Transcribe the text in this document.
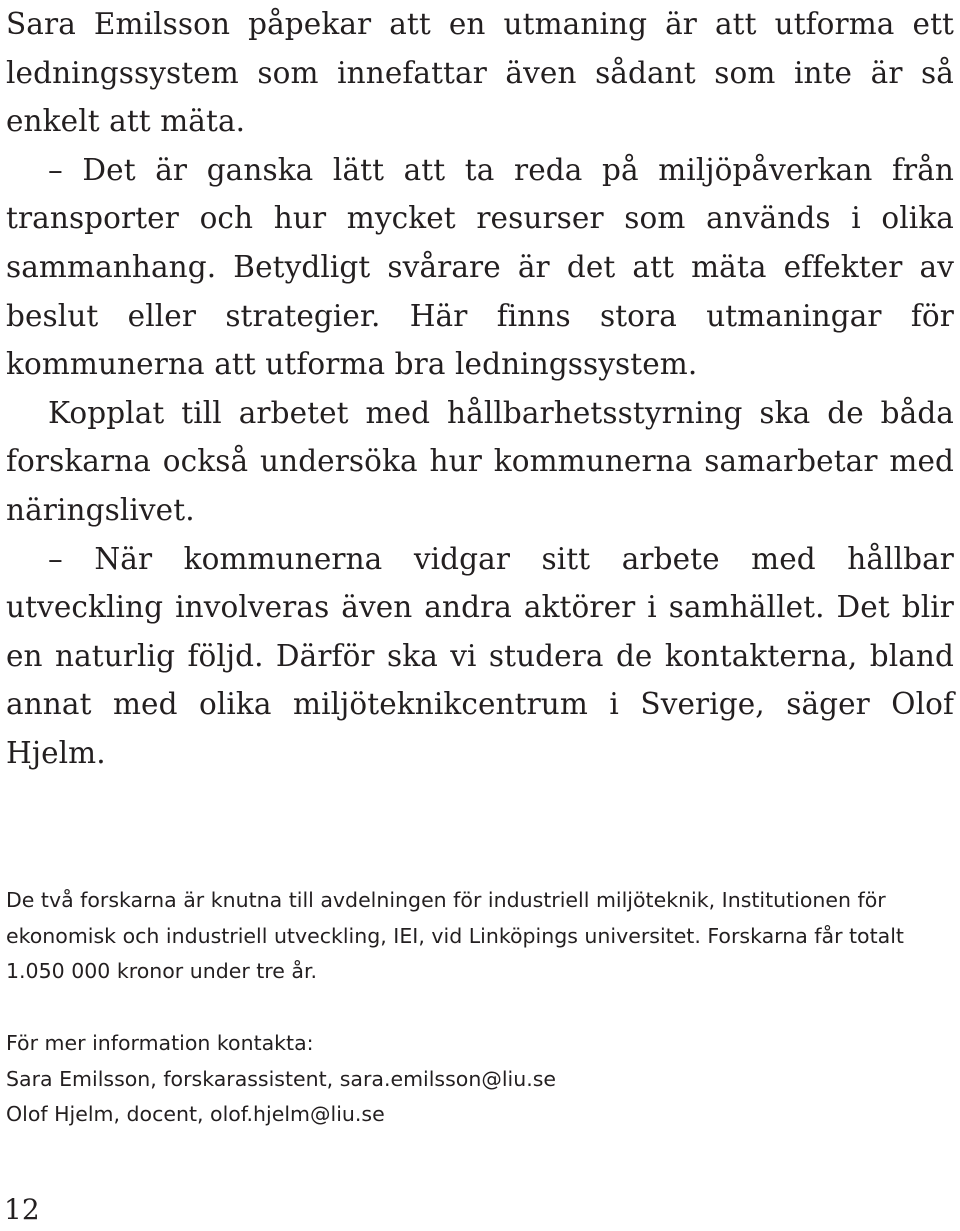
Sara Emilsson påpekar att en utmaning är att utforma ett ledningssystem som innefattar även sådant som inte är så enkelt att mäta.

– Det är ganska lätt att ta reda på miljöpåverkan från transporter och hur mycket resurser som används i olika sammanhang. Betydligt svårare är det att mäta effekter av beslut eller strategier. Här finns stora utmaningar för kommunerna att utforma bra ledningssystem.

Kopplat till arbetet med hållbarhetsstyrning ska de båda forskarna också undersöka hur kommunerna samarbetar med näringslivet.

– När kommunerna vidgar sitt arbete med hållbar utveckling involveras även andra aktörer i samhället. Det blir en naturlig följd. Därför ska vi studera de kontakterna, bland annat med olika miljöteknikcentrum i Sverige, säger Olof Hjelm.

De två forskarna är knutna till avdelningen för industriell miljöteknik, Institutionen för ekonomisk och industriell utveckling, IEI, vid Linköpings universitet. Forskarna får totalt 1.050 000 kronor under tre år.

För mer information kontakta:
Sara Emilsson, forskarassistent, sara.emilsson@liu.se
Olof Hjelm, docent, olof.hjelm@liu.se
12
